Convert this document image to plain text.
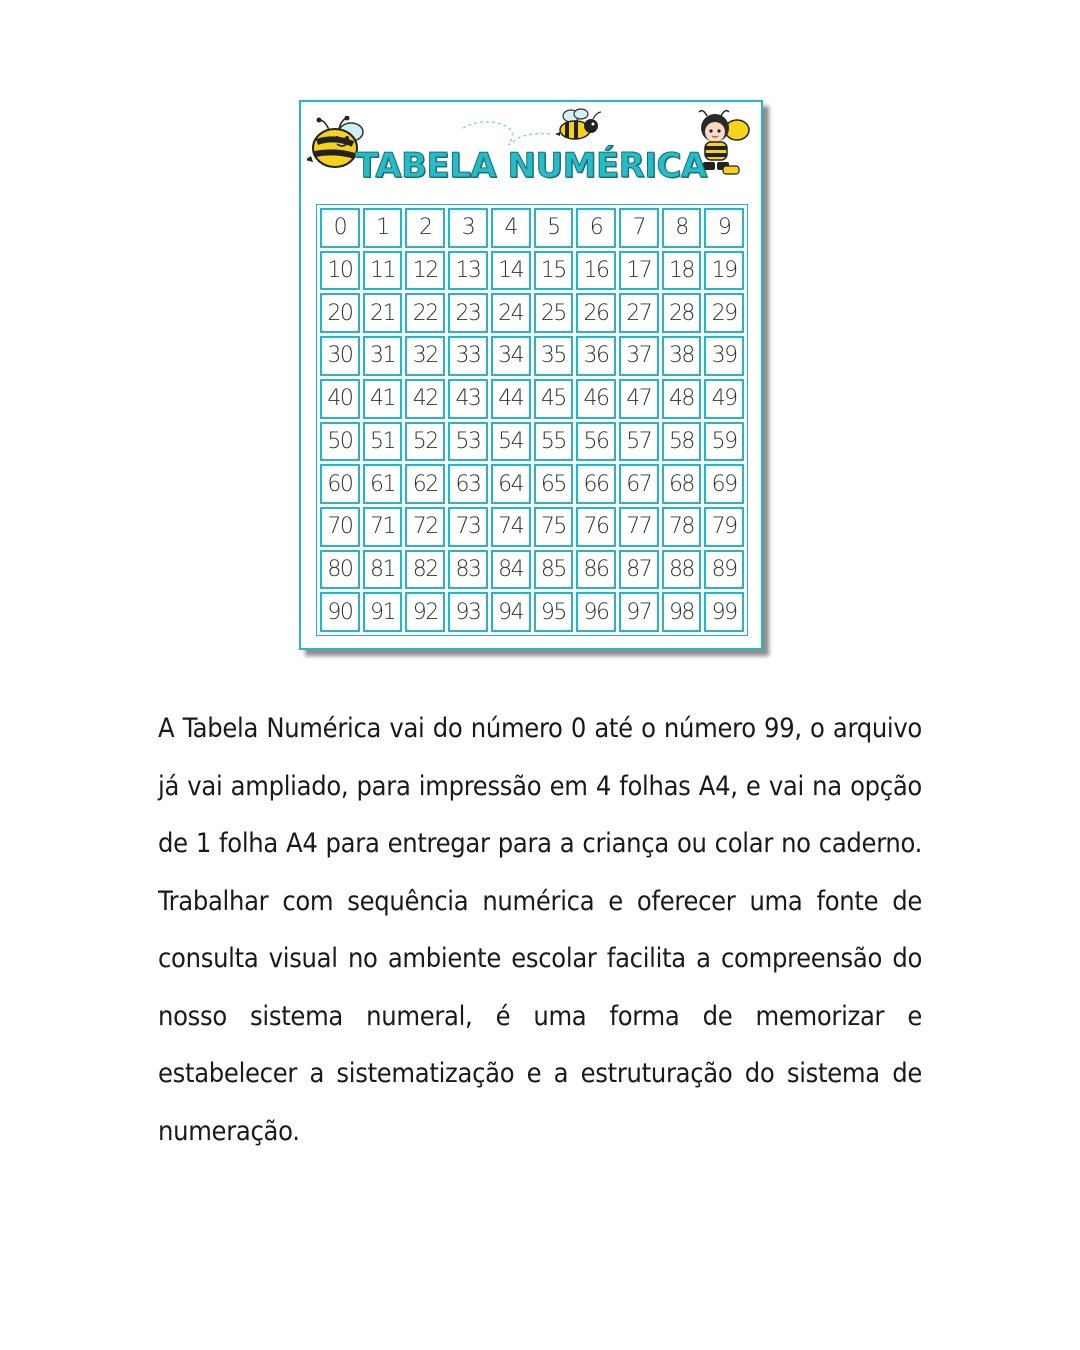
TABELA NUMÉRICA
0	1	2	3	4	5	6	7	8	9
10 11 12 13 14 15 16 17 18 19
20 21 22 23 24 25 26 27 28 29
30 31 32 33 34 35 36 37 38 39
40 41 42 43 44 45 46 47 48 49
50 51 52 53 54 55 56 57 58 59
60 61 62 63 64 65 66 67 68 69
70 71 72 73 74 75 76 77 78 79
80 81 82 83 84 85 86 87 88 89
90 91 92 93 94 95 96 97 98 99

A Tabela Numérica vai do número 0 até o número 99, o arquivo já vai ampliado, para impressão em 4 folhas A4, e vai na opção de 1 folha A4 para entregar para a criança ou colar no caderno. Trabalhar com sequência numérica e oferecer uma fonte de consulta visual no ambiente escolar facilita a compreensão do nosso sistema numeral, é uma forma de memorizar e estabelecer a sistematização e a estruturação do sistema de numeração.
